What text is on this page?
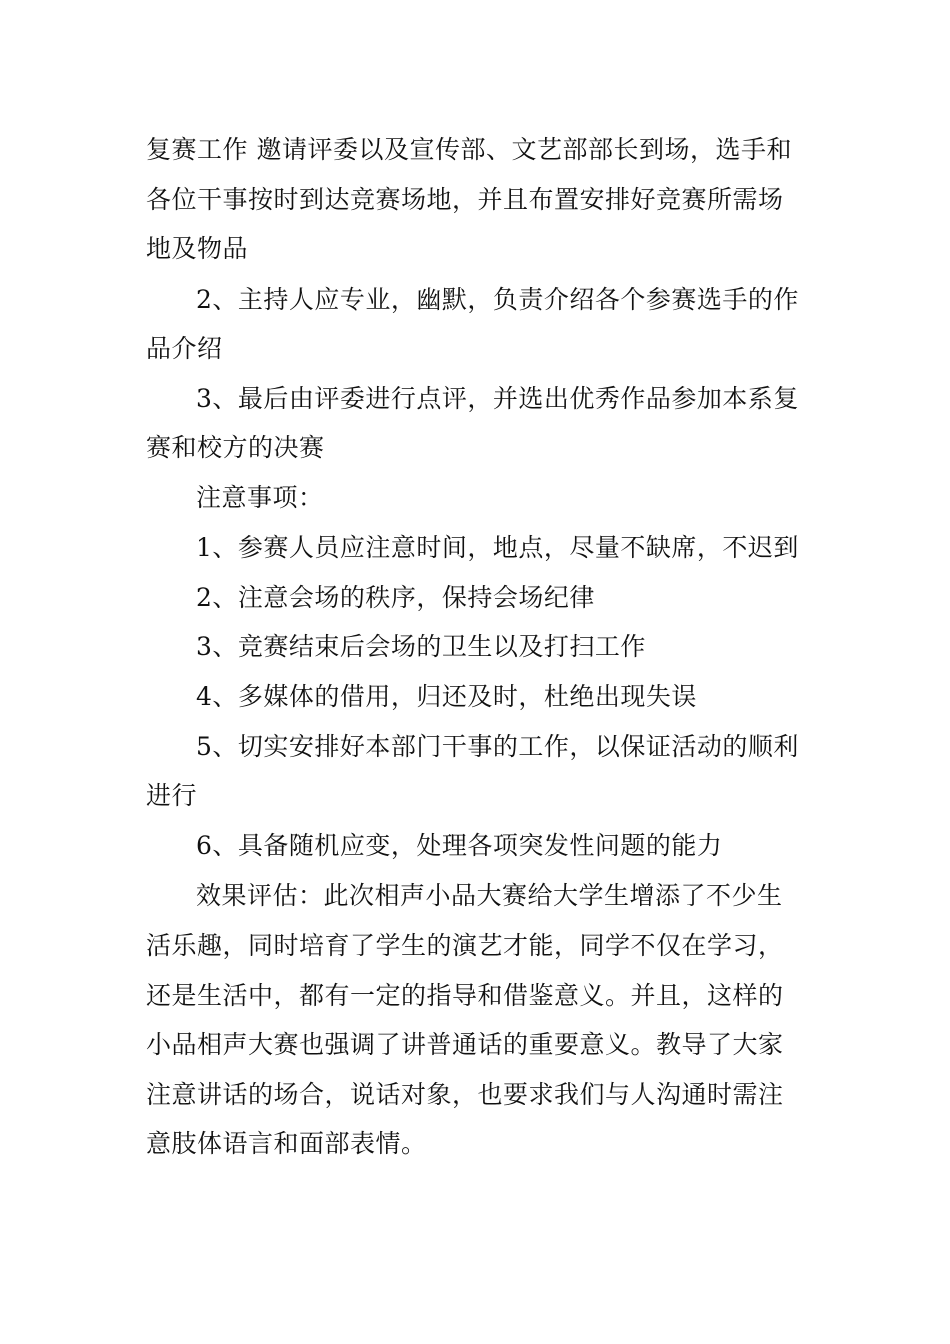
复赛工作 邀请评委以及宣传部、文艺部部长到场，选手和
各位干事按时到达竞赛场地，并且布置安排好竞赛所需场
地及物品
2、主持人应专业，幽默，负责介绍各个参赛选手的作
品介绍
3、最后由评委进行点评，并选出优秀作品参加本系复
赛和校方的决赛
注意事项：
1、参赛人员应注意时间，地点，尽量不缺席，不迟到
2、注意会场的秩序，保持会场纪律
3、竞赛结束后会场的卫生以及打扫工作
4、多媒体的借用，归还及时，杜绝出现失误
5、切实安排好本部门干事的工作，以保证活动的顺利
进行
6、具备随机应变，处理各项突发性问题的能力
效果评估：此次相声小品大赛给大学生增添了不少生
活乐趣，同时培育了学生的演艺才能，同学不仅在学习，
还是生活中，都有一定的指导和借鉴意义。并且，这样的
小品相声大赛也强调了讲普通话的重要意义。教导了大家
注意讲话的场合，说话对象，也要求我们与人沟通时需注
意肢体语言和面部表情。
